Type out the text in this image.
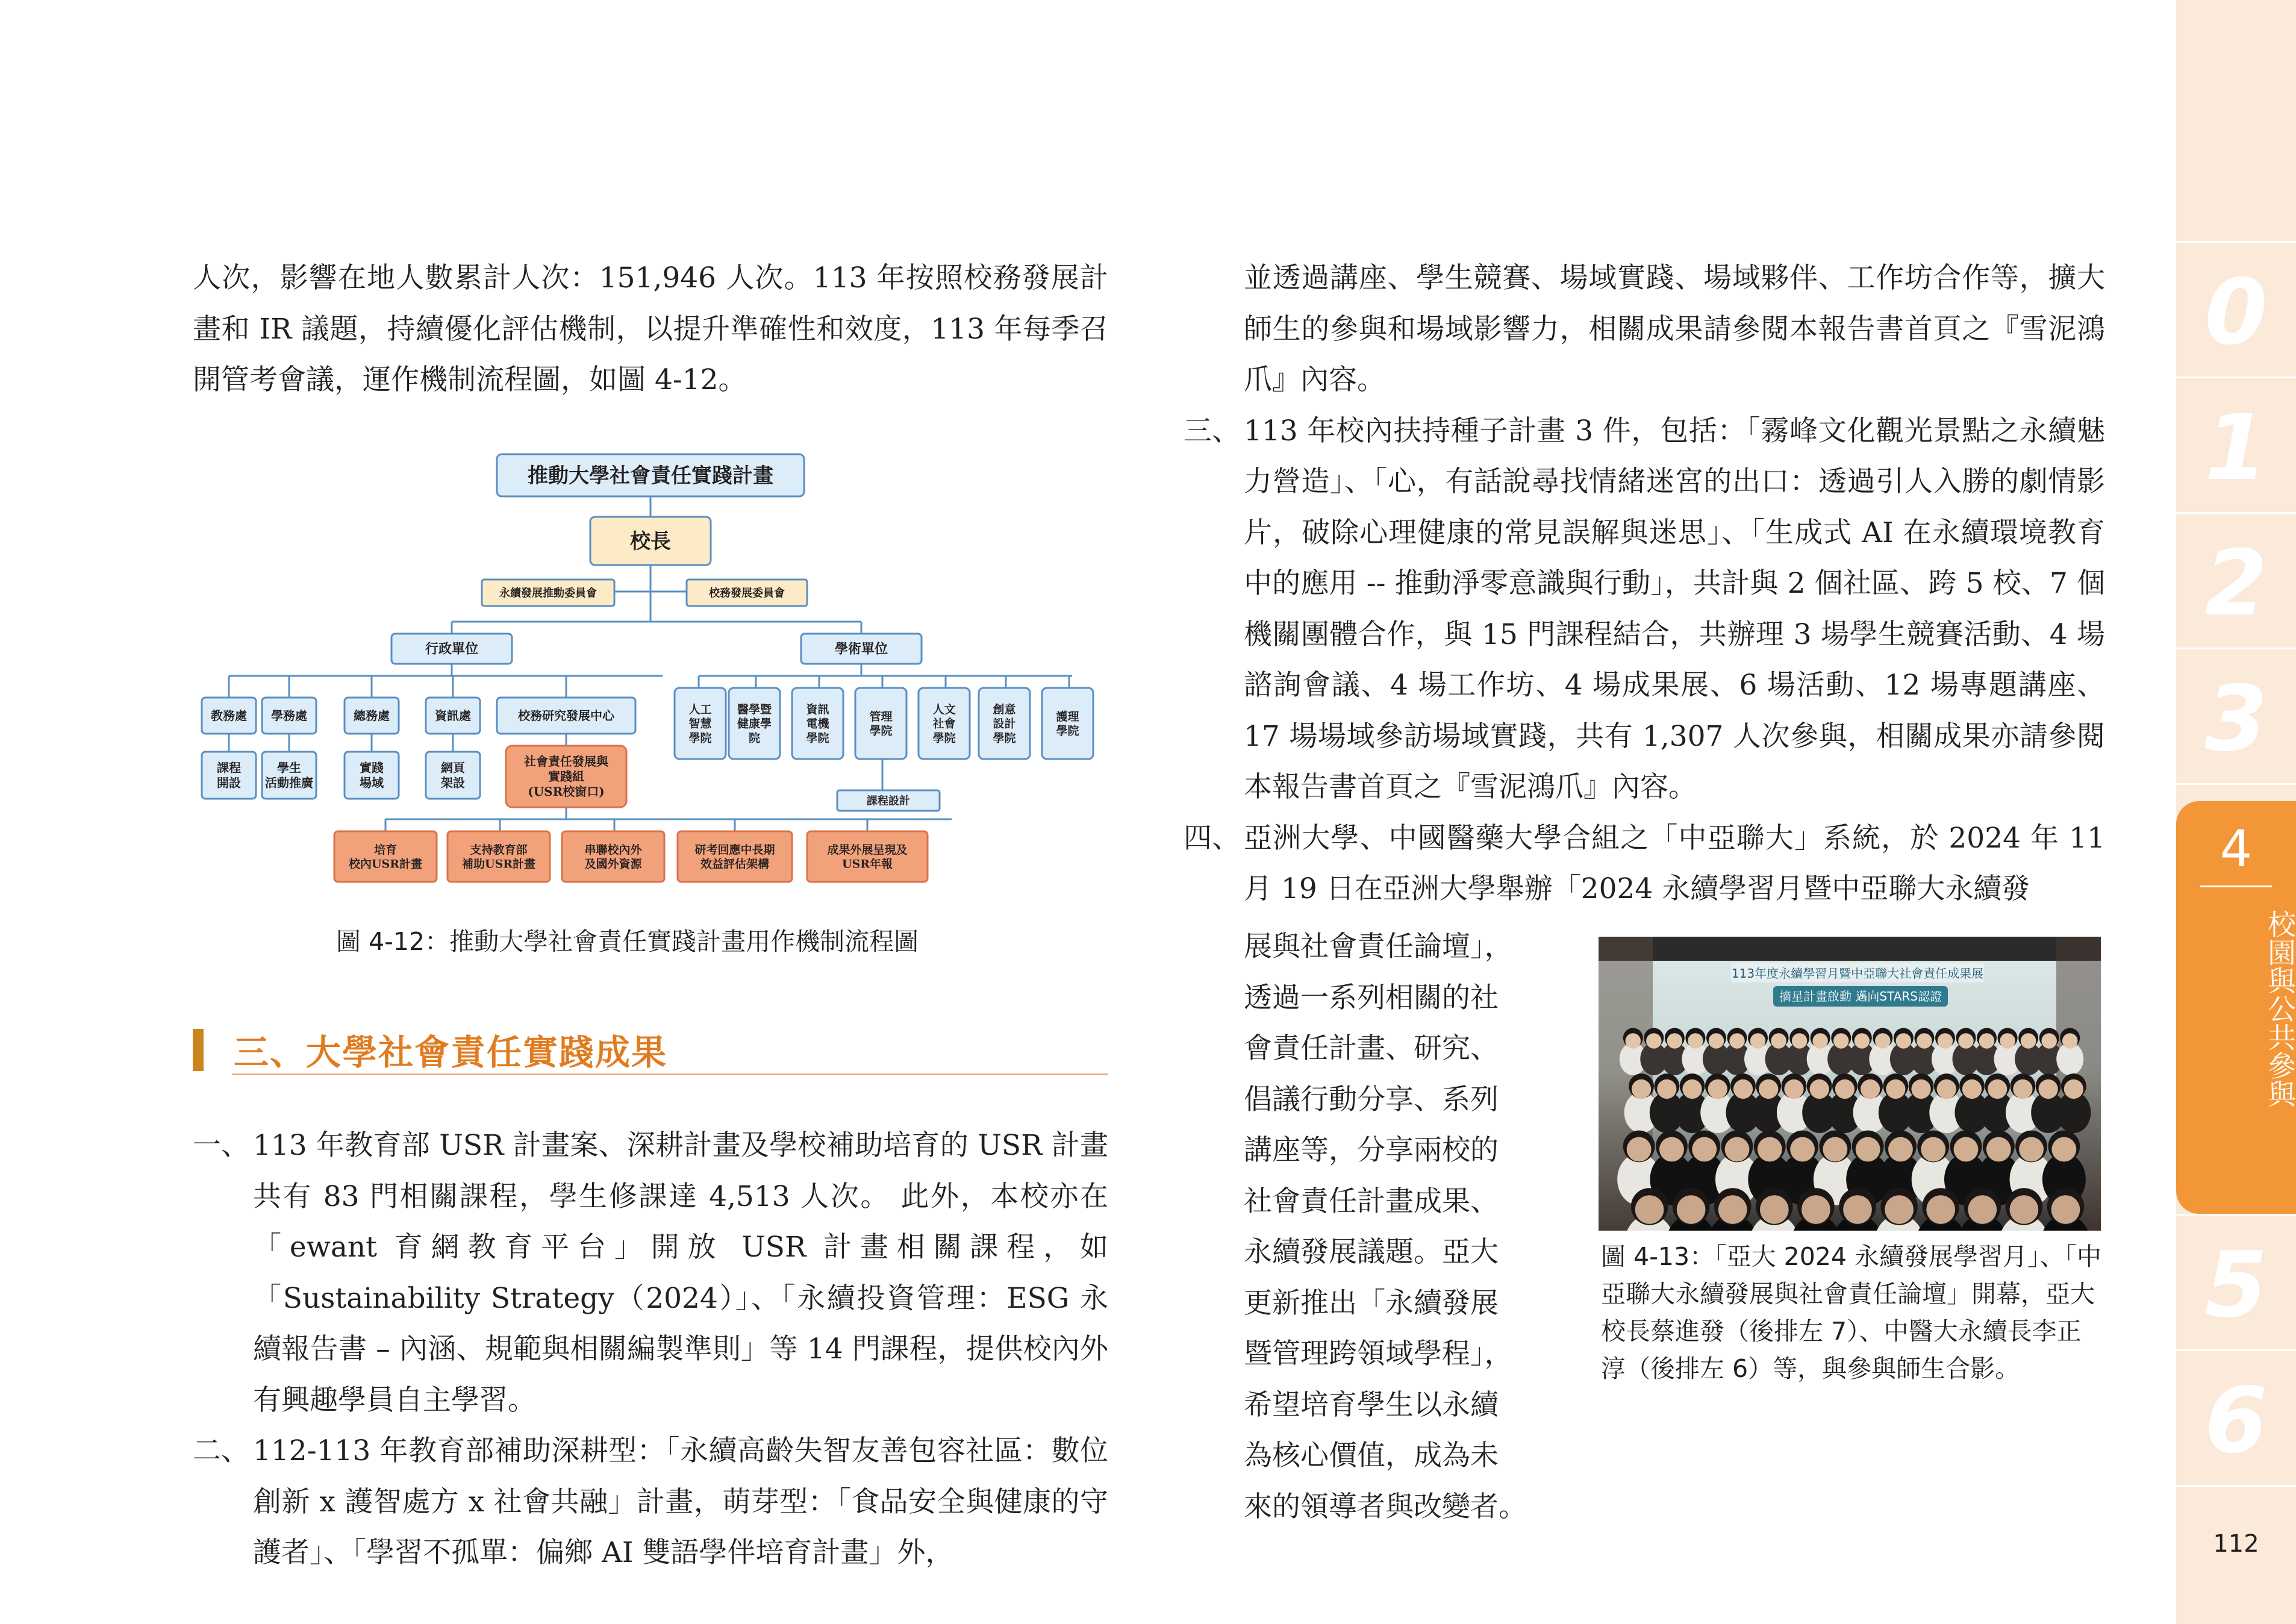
人次，影響在地人數累計人次：151,946 人次。113 年按照校務發展計畫和 IR 議題，持續優化評估機制，以提升準確性和效度，113 年每季召開管考會議，運作機制流程圖，如圖 4-12。

推動大學社會責任實踐計畫
校長
永續發展推動委員會	校務發展委員會
行政單位	學術單位
教務處
課程
開設
學務處
學生
活動推廣
總務處
實踐
場域
資訊處
網頁
架設
校務研究發展中心
社會責任發展與
實踐組
(USR校窗口)
人工
智慧
學院
醫學暨
健康學
院
資訊
電機
學院
管理
學院
人文
社會
學院
創意
設計
學院
護理
學院
課程設計
培育
校內USR計畫
支持教育部
補助USR計畫
串聯校內外
及國外資源
研考回應中長期
效益評估架構
成果外展呈現及
USR年報
圖 4-12：推動大學社會責任實踐計畫用作機制流程圖
三、大學社會責任實踐成果
一、 113 年教育部 USR 計畫案、深耕計畫及學校補助培育的 USR 計畫共有 83 門相關課程，學生修課達 4,513 人次。 此外，本校亦在「ewant 育網教育平台」開放 USR 計畫相關課程，如「Sustainability Strategy（2024）」、「永續投資管理：ESG 永續報告書 – 內涵、規範與相關編製準則」等 14 門課程，提供校內外有興趣學員自主學習。
二、 112-113 年教育部補助深耕型：「永續高齡失智友善包容社區：數位創新 x 護智處方 x 社會共融」計畫，萌芽型：「食品安全與健康的守護者」、「學習不孤單：偏鄉 AI 雙語學伴培育計畫」外，
並透過講座、學生競賽、場域實踐、場域夥伴、工作坊合作等，擴大師生的參與和場域影響力，相關成果請參閱本報告書首頁之『雪泥鴻爪』內容。
三、 113 年校內扶持種子計畫 3 件，包括：「霧峰文化觀光景點之永續魅力營造」、「心，有話說尋找情緒迷宮的出口：透過引人入勝的劇情影片，破除心理健康的常見誤解與迷思」、「生成式 AI 在永續環境教育中的應用 -- 推動淨零意識與行動」，共計與 2 個社區、跨 5 校、7 個機關團體合作，與 15 門課程結合，共辦理 3 場學生競賽活動、4 場諮詢會議、4 場工作坊、4 場成果展、6 場活動、12 場專題講座、17 場場域參訪場域實踐，共有 1,307 人次參與，相關成果亦請參閱本報告書首頁之『雪泥鴻爪』內容。
四、 亞洲大學、中國醫藥大學合組之「中亞聯大」系統，於 2024 年 11 月 19 日在亞洲大學舉辦「2024 永續學習月暨中亞聯大永續發
展與社會責任論壇」，
透過一系列相關的社
會責任計畫、研究、
倡議行動分享、系列
講座等，分享兩校的
社會責任計畫成果、
永續發展議題。亞大
更新推出「永續發展
暨管理跨領域學程」，
希望培育學生以永續
為核心價值，成為未
來的領導者與改變者。
113年度永續學習月暨中亞聯大社會責任成果展
摘星計畫啟動 邁向STARS認證
圖 4-13：「亞大 2024 永續發展學習月」、「中亞聯大永續發展與社會責任論壇」開幕，亞大校長蔡進發（後排左 7）、中醫大永續長李正淳（後排左 6）等，與參與師生合影。
0
1
2
3
5
6
4
校園與公共參與
112
